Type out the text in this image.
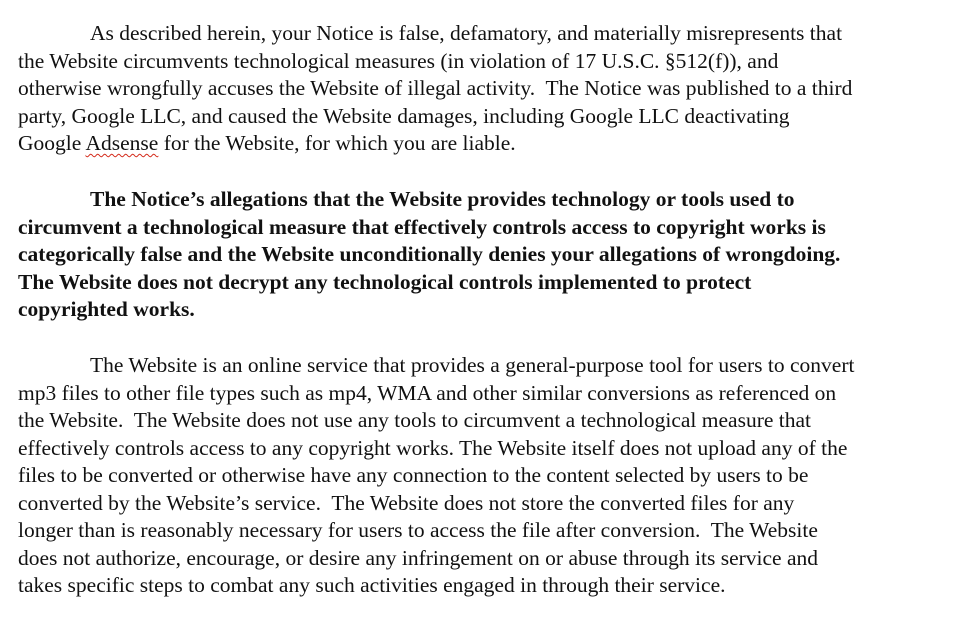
As described herein, your Notice is false, defamatory, and materially misrepresents that
the Website circumvents technological measures (in violation of 17 U.S.C. §512(f)), and
otherwise wrongfully accuses the Website of illegal activity.  The Notice was published to a third
party, Google LLC, and caused the Website damages, including Google LLC deactivating
Google Adsense for the Website, for which you are liable.
The Notice’s allegations that the Website provides technology or tools used to
circumvent a technological measure that effectively controls access to copyright works is
categorically false and the Website unconditionally denies your allegations of wrongdoing.
The Website does not decrypt any technological controls implemented to protect
copyrighted works.
The Website is an online service that provides a general-purpose tool for users to convert
mp3 files to other file types such as mp4, WMA and other similar conversions as referenced on
the Website.  The Website does not use any tools to circumvent a technological measure that
effectively controls access to any copyright works. The Website itself does not upload any of the
files to be converted or otherwise have any connection to the content selected by users to be
converted by the Website’s service.  The Website does not store the converted files for any
longer than is reasonably necessary for users to access the file after conversion.  The Website
does not authorize, encourage, or desire any infringement on or abuse through its service and
takes specific steps to combat any such activities engaged in through their service.
